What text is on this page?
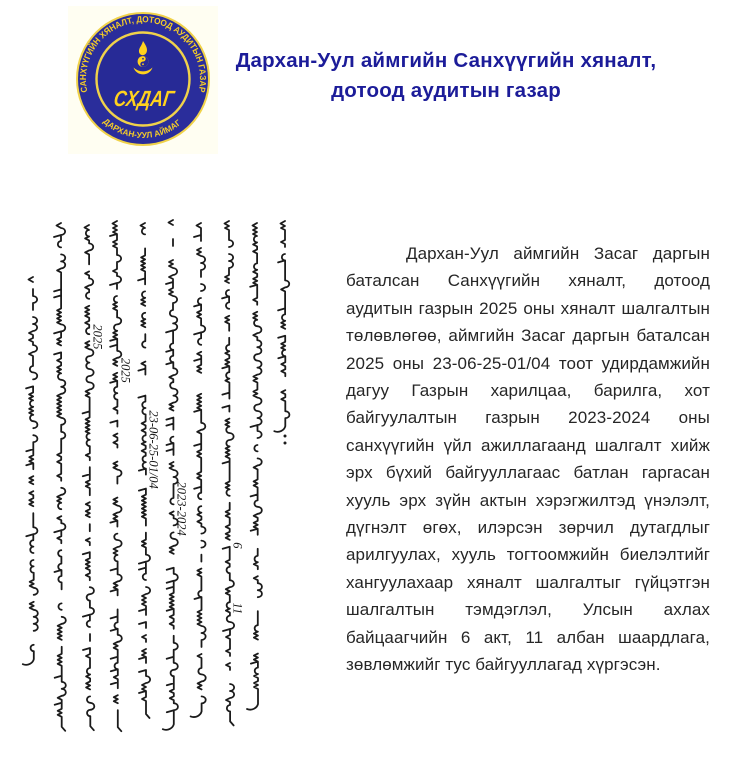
САНХҮҮГИЙН ХЯНАЛТ, ДОТООД АУДИТЫН ГАЗАР
ДАРХАН-УУЛ АЙМАГ
СХДАГ
Дархан-Уул аймгийн Санхүүгийн хяналт,
дотоод аудитын газар
2025
2025
23-06-25-01/04
2023-2024
6
11

Дархан-Уул аймгийн Засаг даргын баталсан Санхүүгийн хяналт, дотоод аудитын газрын 2025 оны хяналт шалгалтын төлөвлөгөө, аймгийн Засаг даргын баталсан 2025 оны 23-06-25-01/04 тоот удирдамжийн дагуу Газрын харилцаа, барилга, хот байгуулалтын газрын 2023-2024 оны санхүүгийн үйл ажиллагаанд шалгалт хийж эрх бүхий байгууллагаас батлан гаргасан хууль эрх зүйн актын хэрэгжилтэд үнэлэлт, дүгнэлт өгөх, илэрсэн зөрчил дутагдлыг арилгуулах, хууль тогтоомжийн биелэлтийг хангуулахаар хяналт шалгалтыг гүйцэтгэн шалгалтын тэмдэглэл, Улсын ахлах байцаагчийн 6 акт, 11 албан шаардлага, зөвлөмжийг тус байгууллагад хүргэсэн.
